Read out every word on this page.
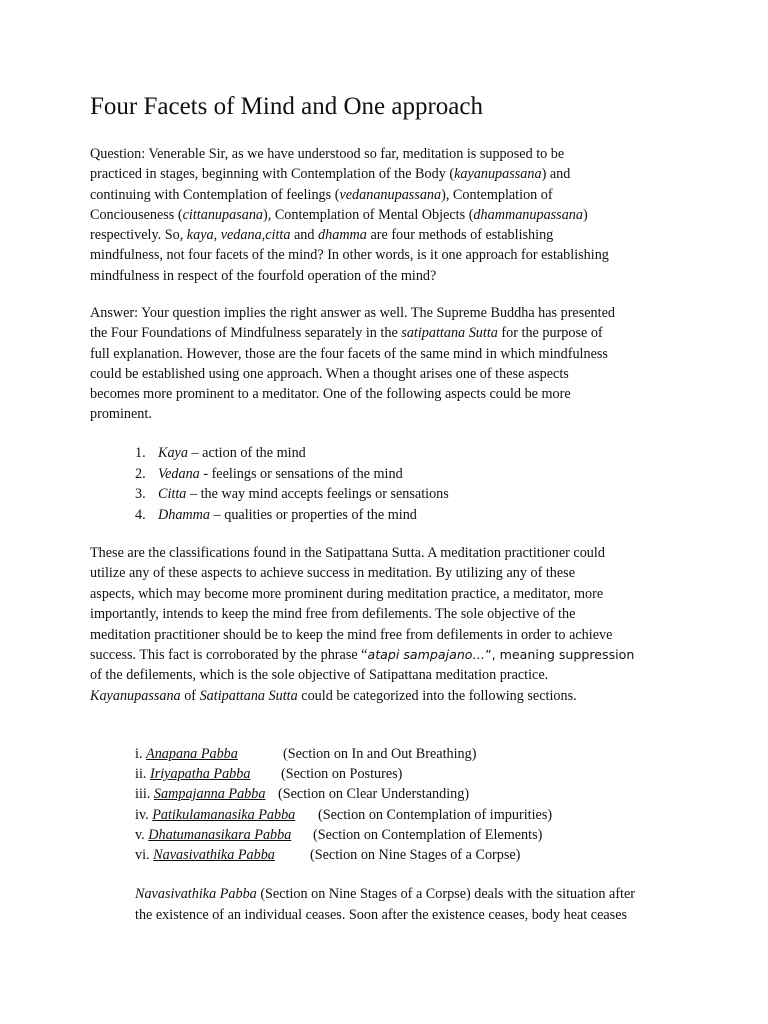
Four Facets of Mind and One approach

Question: Venerable Sir, as we have understood so far, meditation is supposed to be

practiced in stages, beginning with Contemplation of the Body (kayanupassana) and

continuing with Contemplation of feelings (vedananupassana), Contemplation of

Conciouseness (cittanupasana), Contemplation of Mental Objects (dhammanupassana)

respectively. So, kaya, vedana,citta and dhamma are four methods of establishing

mindfulness, not four facets of the mind? In other words, is it one approach for establishing

mindfulness in respect of the fourfold operation of the mind?

Answer: Your question implies the right answer as well. The Supreme Buddha has presented

the Four Foundations of Mindfulness separately in the satipattana Sutta for the purpose of

full explanation. However, those are the four facets of the same mind in which mindfulness

could be established using one approach. When a thought arises one of these aspects

becomes more prominent to a meditator. One of the following aspects could be more

prominent.

1. Kaya – action of the mind
2. Vedana - feelings or sensations of the mind
3. Citta – the way mind accepts feelings or sensations
4. Dhamma – qualities or properties of the mind

These are the classifications found in the Satipattana Sutta. A meditation practitioner could

utilize any of these aspects to achieve success in meditation. By utilizing any of these

aspects, which may become more prominent during meditation practice, a meditator, more

importantly, intends to keep the mind free from defilements. The sole objective of the

meditation practitioner should be to keep the mind free from defilements in order to achieve

success. This fact is corroborated by the phrase “atapi sampajano…”, meaning suppression

of the defilements, which is the sole objective of Satipattana meditation practice.

Kayanupassana of Satipattana Sutta could be categorized into the following sections.

i. Anapana Pabba	(Section on In and Out Breathing)
ii. Iriyapatha Pabba (Section on Postures)
iii. Sampajanna Pabba (Section on Clear Understanding)
iv. Patikulamanasika Pabba (Section on Contemplation of impurities)
v. Dhatumanasikara Pabba (Section on Contemplation of Elements)
vi. Navasivathika Pabba (Section on Nine Stages of a Corpse)

Navasivathika Pabba (Section on Nine Stages of a Corpse) deals with the situation after

the existence of an individual ceases. Soon after the existence ceases, body heat ceases
